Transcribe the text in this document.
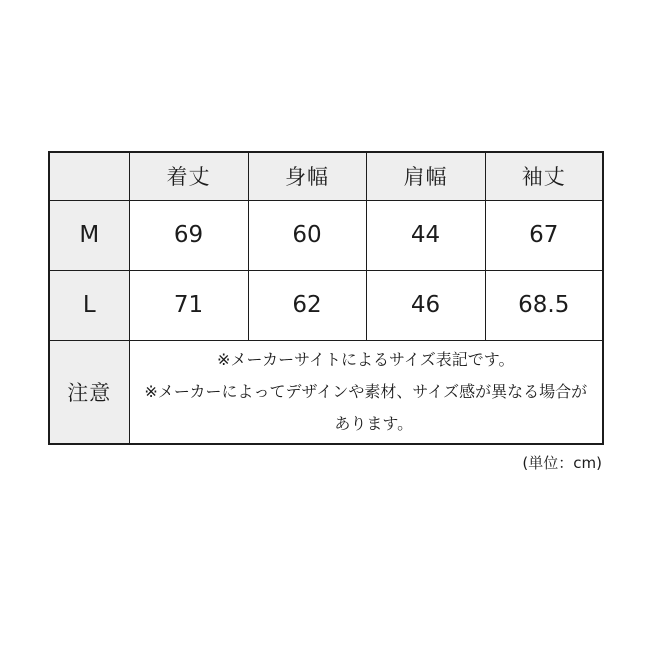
	着丈	身幅	肩幅	袖丈
M	69	60	44	67
L	71	62	46	68.5
注意	※メーカーサイトによるサイズ表記です。
※メーカーによってデザインや素材、サイズ感が異なる場合が
あります。			
(単位：cm)
